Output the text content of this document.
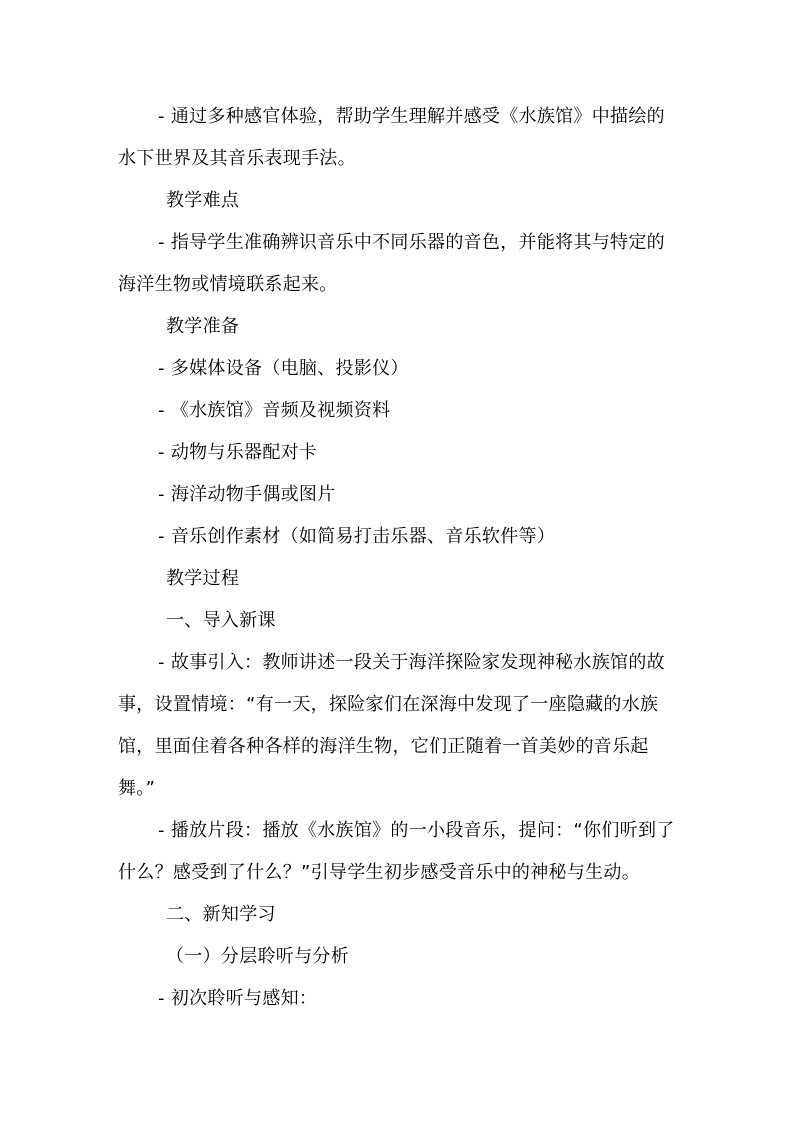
- 通过多种感官体验，帮助学生理解并感受《水族馆》中描绘的水下世界及其音乐表现手法。

教学难点

- 指导学生准确辨识音乐中不同乐器的音色，并能将其与特定的海洋生物或情境联系起来。

教学准备

- 多媒体设备（电脑、投影仪）

- 《水族馆》音频及视频资料

- 动物与乐器配对卡

- 海洋动物手偶或图片

- 音乐创作素材（如简易打击乐器、音乐软件等）

教学过程

一、导入新课

- 故事引入：教师讲述一段关于海洋探险家发现神秘水族馆的故事，设置情境：“有一天，探险家们在深海中发现了一座隐藏的水族馆，里面住着各种各样的海洋生物，它们正随着一首美妙的音乐起舞。”

- 播放片段：播放《水族馆》的一小段音乐，提问：“你们听到了什么？感受到了什么？”引导学生初步感受音乐中的神秘与生动。

二、新知学习

（一）分层聆听与分析

- 初次聆听与感知：
